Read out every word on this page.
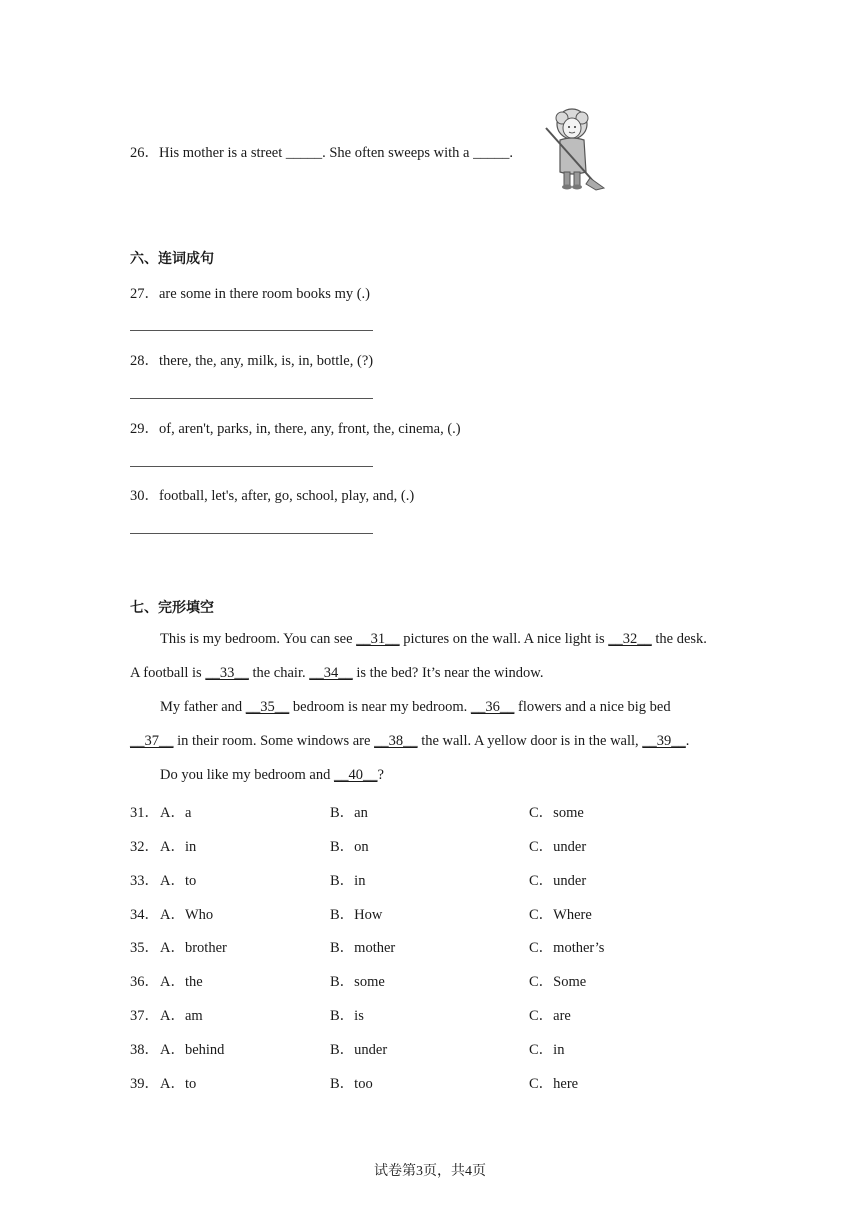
26．His mother is a street _____. She often sweeps with a _____.
六、连词成句
27．are some in there room books my (.)
28．there, the, any, milk, is, in, bottle, (?)
29．of, aren't, parks, in, there, any, front, the, cinema, (.)
30．football, let's, after, go, school, play, and, (.)
七、完形填空
This is my bedroom. You can see __31__ pictures on the wall. A nice light is __32__ the desk.
A football is __33__ the chair. __34__ is the bed? It’s near the window.
My father and __35__ bedroom is near my bedroom. __36__ flowers and a nice big bed
__37__ in their room. Some windows are __38__ the wall. A yellow door is in the wall, __39__.
Do you like my bedroom and __40__?
31． A．a	B．an	C．some
32． A．in	B．on	C．under
33． A．to	B．in	C．under
34． A．Who	B．How	C．Where
35． A．brother	B．mother	C．mother’s
36． A．the	B．some	C．Some
37． A．am	B．is	C．are
38． A．behind	B．under	C．in
39． A．to	B．too	C．here
试卷第3页，共4页
